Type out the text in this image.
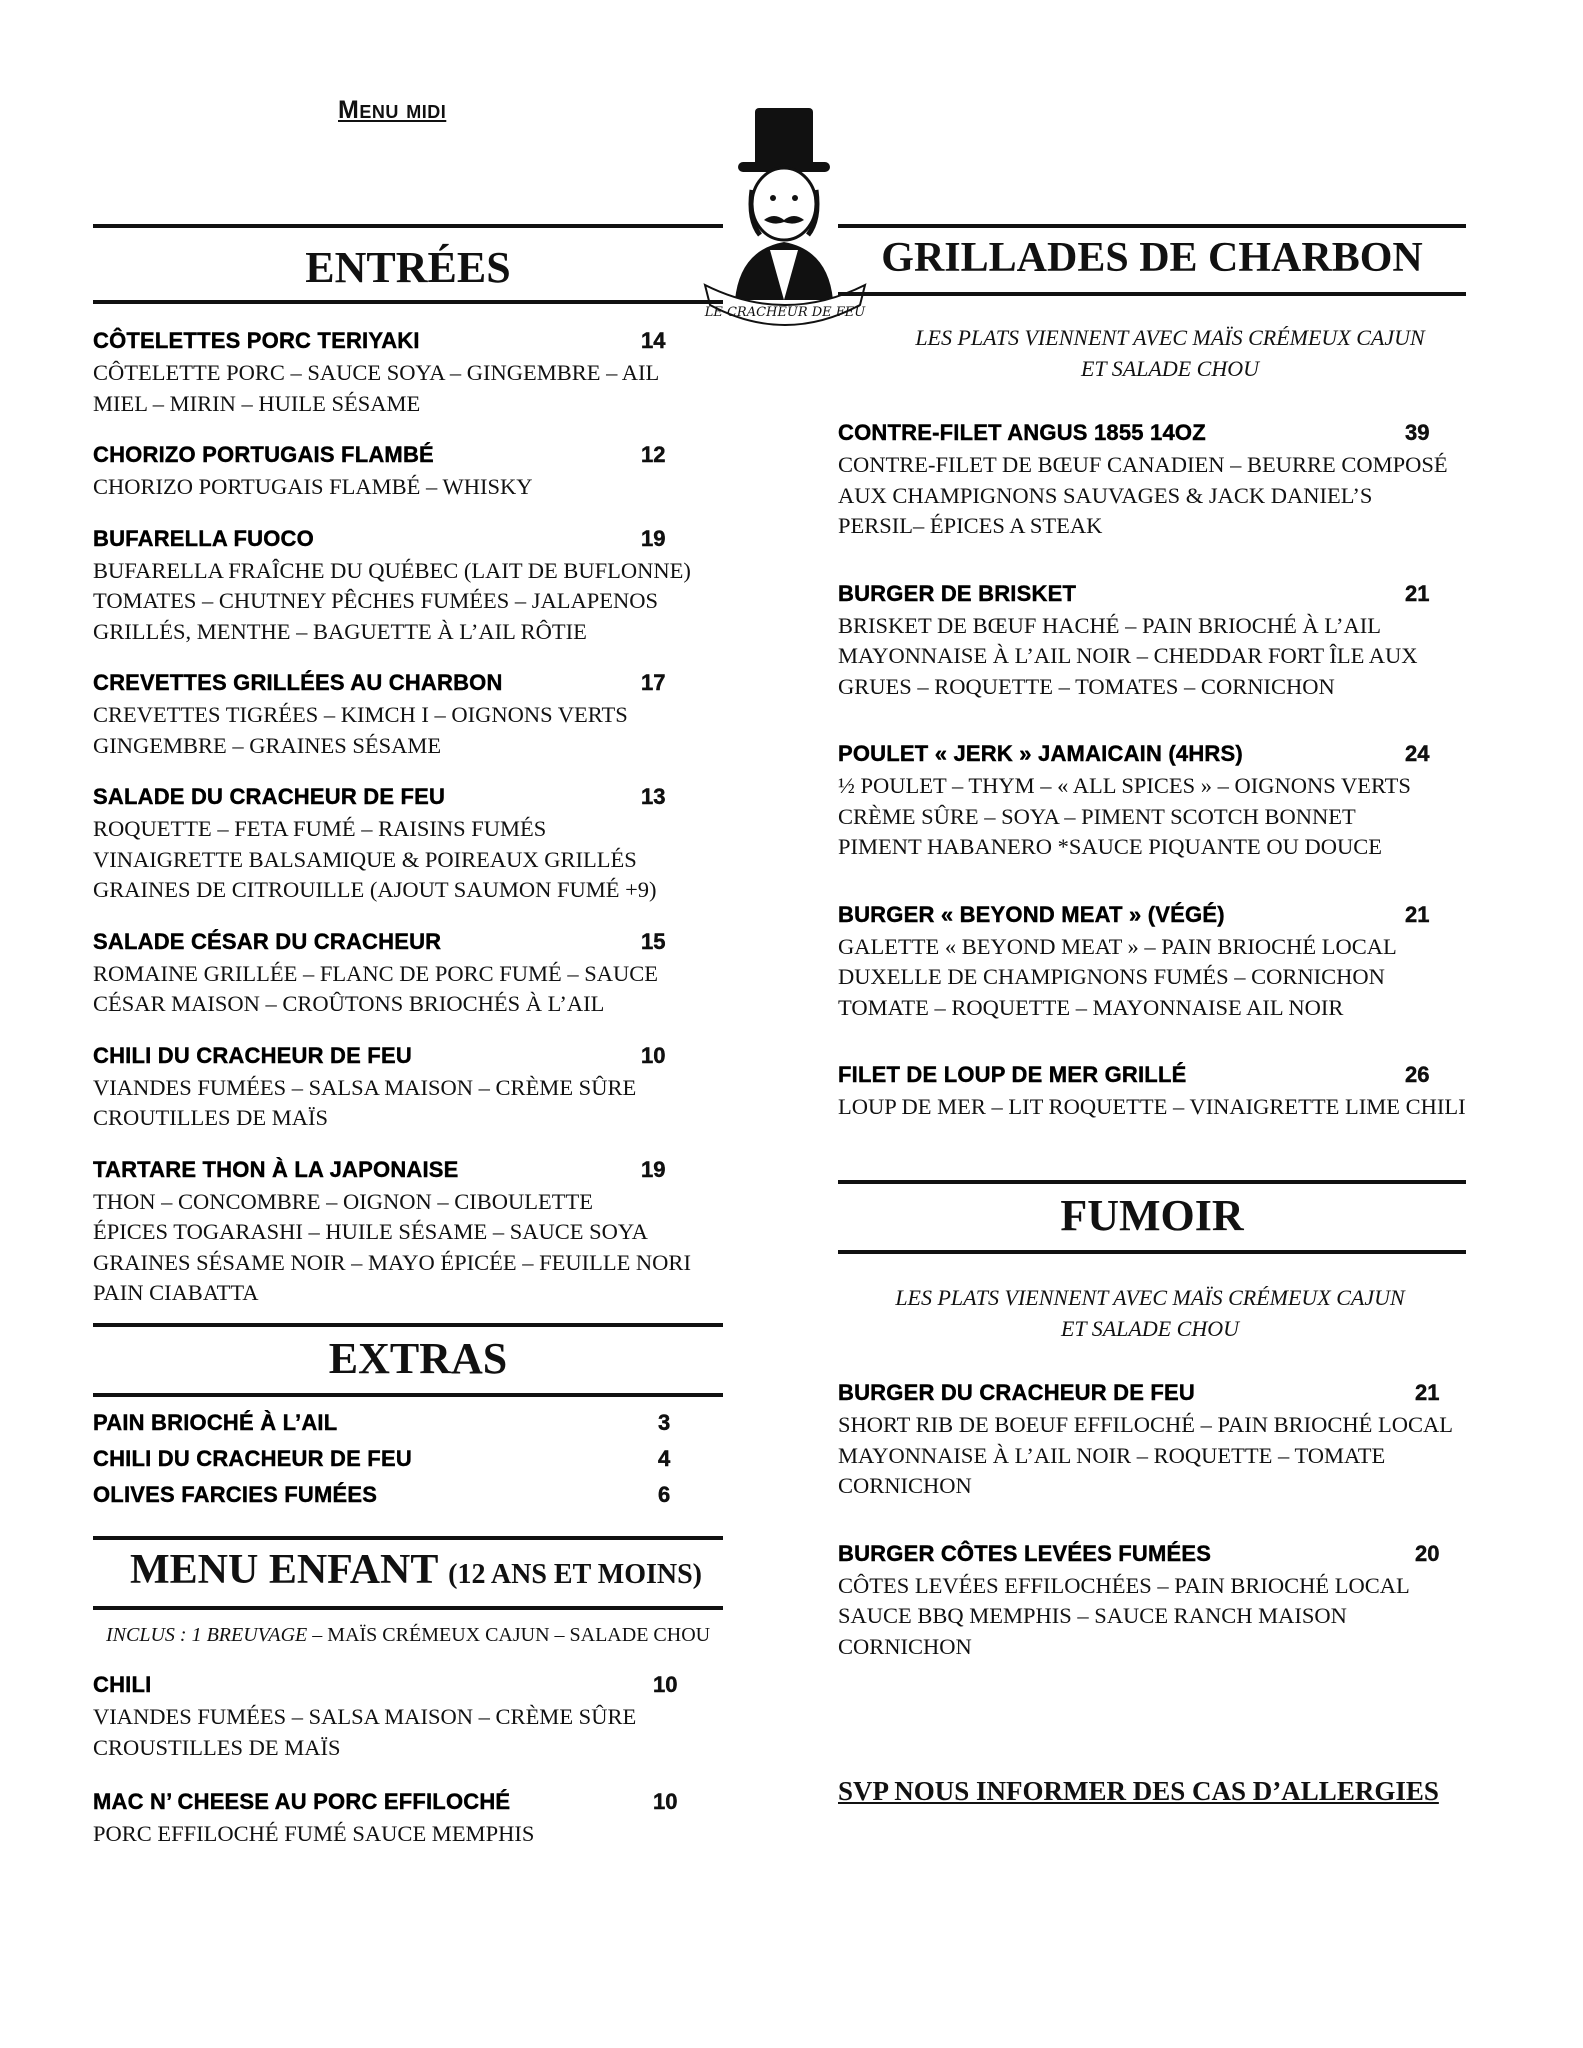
Menu midi
LE CRACHEUR DE FEU
ENTRÉES
CÔTELETTES PORC TERIYAKI	14
CÔTELETTE PORC – SAUCE SOYA – GINGEMBRE – AIL
MIEL – MIRIN – HUILE SÉSAME
CHORIZO PORTUGAIS FLAMBÉ	12
CHORIZO PORTUGAIS FLAMBÉ – WHISKY
BUFARELLA FUOCO	19
BUFARELLA FRAÎCHE DU QUÉBEC (LAIT DE BUFLONNE)
TOMATES – CHUTNEY PÊCHES FUMÉES – JALAPENOS
GRILLÉS, MENTHE – BAGUETTE À L’AIL RÔTIE
CREVETTES GRILLÉES AU CHARBON	17
CREVETTES TIGRÉES – KIMCH I – OIGNONS VERTS
GINGEMBRE – GRAINES SÉSAME
SALADE DU CRACHEUR DE FEU	13
ROQUETTE – FETA FUMÉ – RAISINS FUMÉS
VINAIGRETTE BALSAMIQUE & POIREAUX GRILLÉS
GRAINES DE CITROUILLE (AJOUT SAUMON FUMÉ +9)
SALADE CÉSAR DU CRACHEUR	15
ROMAINE GRILLÉE – FLANC DE PORC FUMÉ – SAUCE
CÉSAR MAISON – CROÛTONS BRIOCHÉS À L’AIL
CHILI DU CRACHEUR DE FEU	10
VIANDES FUMÉES – SALSA MAISON – CRÈME SÛRE
CROUTILLES DE MAÏS
TARTARE THON À LA JAPONAISE	19
THON – CONCOMBRE – OIGNON – CIBOULETTE
ÉPICES TOGARASHI – HUILE SÉSAME – SAUCE SOYA
GRAINES SÉSAME NOIR – MAYO ÉPICÉE – FEUILLE NORI
PAIN CIABATTA
EXTRAS
PAIN BRIOCHÉ À L’AIL	3
CHILI DU CRACHEUR DE FEU	4
OLIVES FARCIES FUMÉES	6
MENU ENFANT (12 ANS ET MOINS)
INCLUS : 1 BREUVAGE – MAÏS CRÉMEUX CAJUN – SALADE CHOU
CHILI	10
VIANDES FUMÉES – SALSA MAISON – CRÈME SÛRE
CROUSTILLES DE MAÏS
MAC N’ CHEESE AU PORC EFFILOCHÉ	10
PORC EFFILOCHÉ FUMÉ SAUCE MEMPHIS
GRILLADES DE CHARBON
LES PLATS VIENNENT AVEC MAÏS CRÉMEUX CAJUN
ET SALADE CHOU
CONTRE-FILET ANGUS 1855 14OZ	39
CONTRE-FILET DE BŒUF CANADIEN – BEURRE COMPOSÉ
AUX CHAMPIGNONS SAUVAGES & JACK DANIEL’S
PERSIL– ÉPICES A STEAK
BURGER DE BRISKET	21
BRISKET DE BŒUF HACHÉ – PAIN BRIOCHÉ À L’AIL
MAYONNAISE À L’AIL NOIR – CHEDDAR FORT ÎLE AUX
GRUES – ROQUETTE – TOMATES – CORNICHON
POULET « JERK » JAMAICAIN (4HRS)	24
½ POULET – THYM – « ALL SPICES » – OIGNONS VERTS
CRÈME SÛRE – SOYA – PIMENT SCOTCH BONNET
PIMENT HABANERO *SAUCE PIQUANTE OU DOUCE
BURGER « BEYOND MEAT » (VÉGÉ)	21
GALETTE « BEYOND MEAT » – PAIN BRIOCHÉ LOCAL
DUXELLE DE CHAMPIGNONS FUMÉS – CORNICHON
TOMATE – ROQUETTE – MAYONNAISE AIL NOIR
FILET DE LOUP DE MER GRILLÉ	26
LOUP DE MER – LIT ROQUETTE – VINAIGRETTE LIME CHILI
FUMOIR
LES PLATS VIENNENT AVEC MAÏS CRÉMEUX CAJUN
ET SALADE CHOU
BURGER DU CRACHEUR DE FEU	21
SHORT RIB DE BOEUF EFFILOCHÉ – PAIN BRIOCHÉ LOCAL
MAYONNAISE À L’AIL NOIR – ROQUETTE – TOMATE
CORNICHON
BURGER CÔTES LEVÉES FUMÉES	20
CÔTES LEVÉES EFFILOCHÉES – PAIN BRIOCHÉ LOCAL
SAUCE BBQ MEMPHIS – SAUCE RANCH MAISON
CORNICHON
SVP NOUS INFORMER DES CAS D’ALLERGIES
